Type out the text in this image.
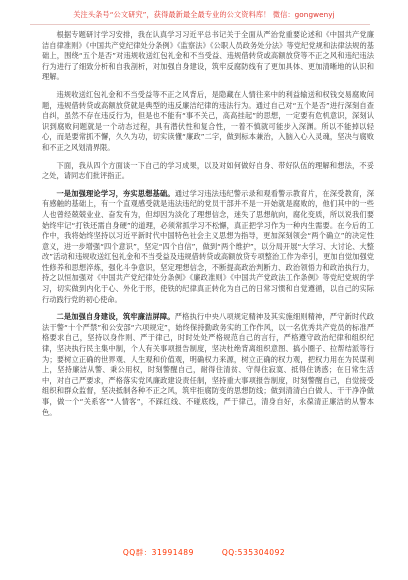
关注头条号“公文研究”，获得最新最全最专业的公文资料库！ 微信：gongwenyj

根据专题研讨学习安排，我在认真学习习近平总书记关于全面从严治党重要论述和《中国共产党廉洁自律准则》《中国共产党纪律处分条例》《监察法》《公职人员政务处分法》等党纪党规和法律法规的基础上，围绕“五个是否”对违规收送红包礼金和不当受益、违规借转贷或高额放贷等不正之风和违纪违法行为进行了细致分析和自我剖析，对加强自身建设，筑牢反腐防线有了更加具体、更加清晰地的认识和理解。

违规收送红包礼金和不当受益等不正之风背后，是隐藏在人情往来中的利益输送和权钱交易腐败问题，违规借转贷或高额放贷就是典型的违反廉洁纪律的违法行为。通过自己对“五个是否”进行深刻自查自纠，虽然不存在违反行为，但是也不能有“事不关己，高高挂起”的思想，一定要有危机意识，深刻认识到腐败问题就是一个动态过程，具有潜伏性和复合性，一着不慎就可能步入深渊。所以不能掉以轻心，而是要常抓不懈，久久为功，切实读懂“廉政”二字，做到标本兼治，入脑入心入灵魂，坚决与腐败和不正之风划清界限。

下面，我从四个方面谈一下自己的学习成果，以及对如何做好自身、带好队伍的理解和想法，不妥之处，请同志们批评指正。

一是加强理论学习，夯实思想基础。通过学习违法违纪警示录和观看警示教育片，在深受教育，深有感触的基础上，有一个直观感受就是违法违纪的党员干部并不是一开始就是腐败的，他们其中的一些人也曾经兢兢业业、奋发有为，但却因为淡化了理想信念，迷失了思想航向，腐化变质，所以说我们要始终牢记“打铁还需自身硬”的道理，必须常抓学习不松懈，真正把学习作为一种内生需要。在今后的工作中，我将始终坚持以习近平新时代中国特色社会主义思想为指导，更加深刻领会“两个确立”的决定性意义，进一步增强“四个意识”，坚定“四个自信”，做到“两个维护”，以分局开展“大学习、大讨论、大整改”活动和违规收送红包礼金和不当受益及违规借转贷或高额放贷专项整治工作为牵引，更加自觉加强党性修养和思想淬炼，强化斗争意识，坚定理想信念，不断提高政治判断力、政治领悟力和政治执行力，持之以恒加强对《中国共产党纪律处分条例》《廉政准则》《中国共产党政法工作条例》等党纪党规的学习，切实做到内化于心、外化于形，使铁的纪律真正转化为自己的日常习惯和自觉遵循，以自己的实际行动践行党的初心使命。

二是加强自身建设，筑牢廉洁屏障。严格执行中央八项规定精神及其实施细则精神，严守新时代政法干警“十个严禁”和公安部“六项规定”，始终保持勤政务实的工作作风，以一名优秀共产党员的标准严格要求自己，坚持以身作则、严于律己，时时处处严格规范自己的言行，严格遵守政治纪律和组织纪律，坚决执行民主集中制，个人有关事项报告制度，坚决杜绝背离组织意图、搞小圈子、拉帮结派等行为；要树立正确的世界观、人生观和价值观，明确权力来源，树立正确的权力观，把权力用在为民谋利上，坚持廉洁从警、秉公用权，时刻警醒自己，耐得住清贫、守得住寂寞、抵得住诱惑；在日常生活中，对自己严要求，严格落实党风廉政建设责任制，坚持重大事项报告制度，时刻警醒自己，自觉接受组织和群众监督，坚决抵制各种不正之风，筑牢拒腐防变的思想防线；做到清清白白做人、干干净净做事，做一个“关系客”“人情客”，不踩红线、不碰底线，严于律己，清身自好，永葆清正廉洁的从警本色。

QQ群：31991489	QQ:535304092
